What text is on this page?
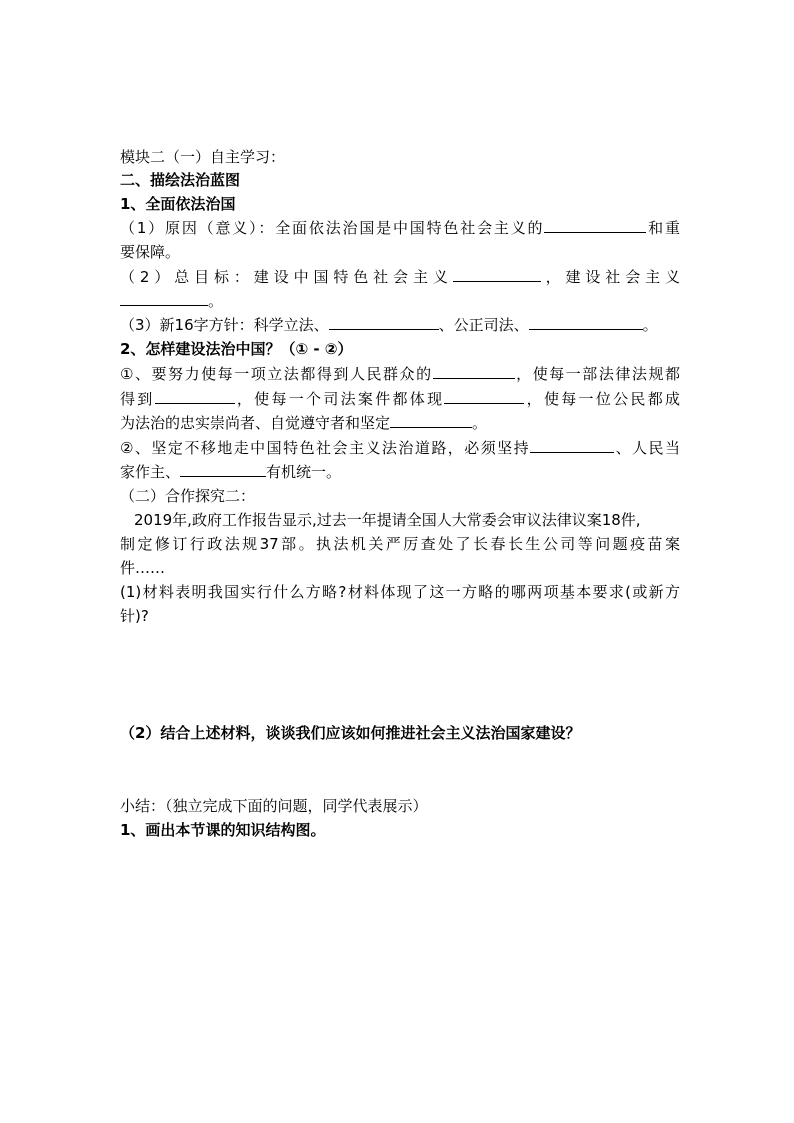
模块二（一）自主学习：
二、描绘法治蓝图
1、全面依法治国
（1）原因（意义）：全面依法治国是中国特色社会主义的	和重
要保障。
（2）总目标：建设中国特色社会主义	，建设社会主义
。
（3）新16字方针：科学立法、	、公正司法、	。
2、怎样建设法治中国？（① - ②）
①、要努力使每一项立法都得到人民群众的	，使每一部法律法规都
得到	，使每一个司法案件都体现	，使每一位公民都成
为法治的忠实崇尚者、自觉遵守者和坚定	。
②、坚定不移地走中国特色社会主义法治道路，必须坚持	、人民当
家作主、	有机统一。
（二）合作探究二：
2019年,政府工作报告显示,过去一年提请全国人大常委会审议法律议案18件,
制定修订行政法规37部。执法机关严厉查处了长春长生公司等问题疫苗案
件……
(1)材料表明我国实行什么方略?材料体现了这一方略的哪两项基本要求(或新方
针)?
（2）结合上述材料，谈谈我们应该如何推进社会主义法治国家建设？
小结：（独立完成下面的问题，同学代表展示）
1、画出本节课的知识结构图。
